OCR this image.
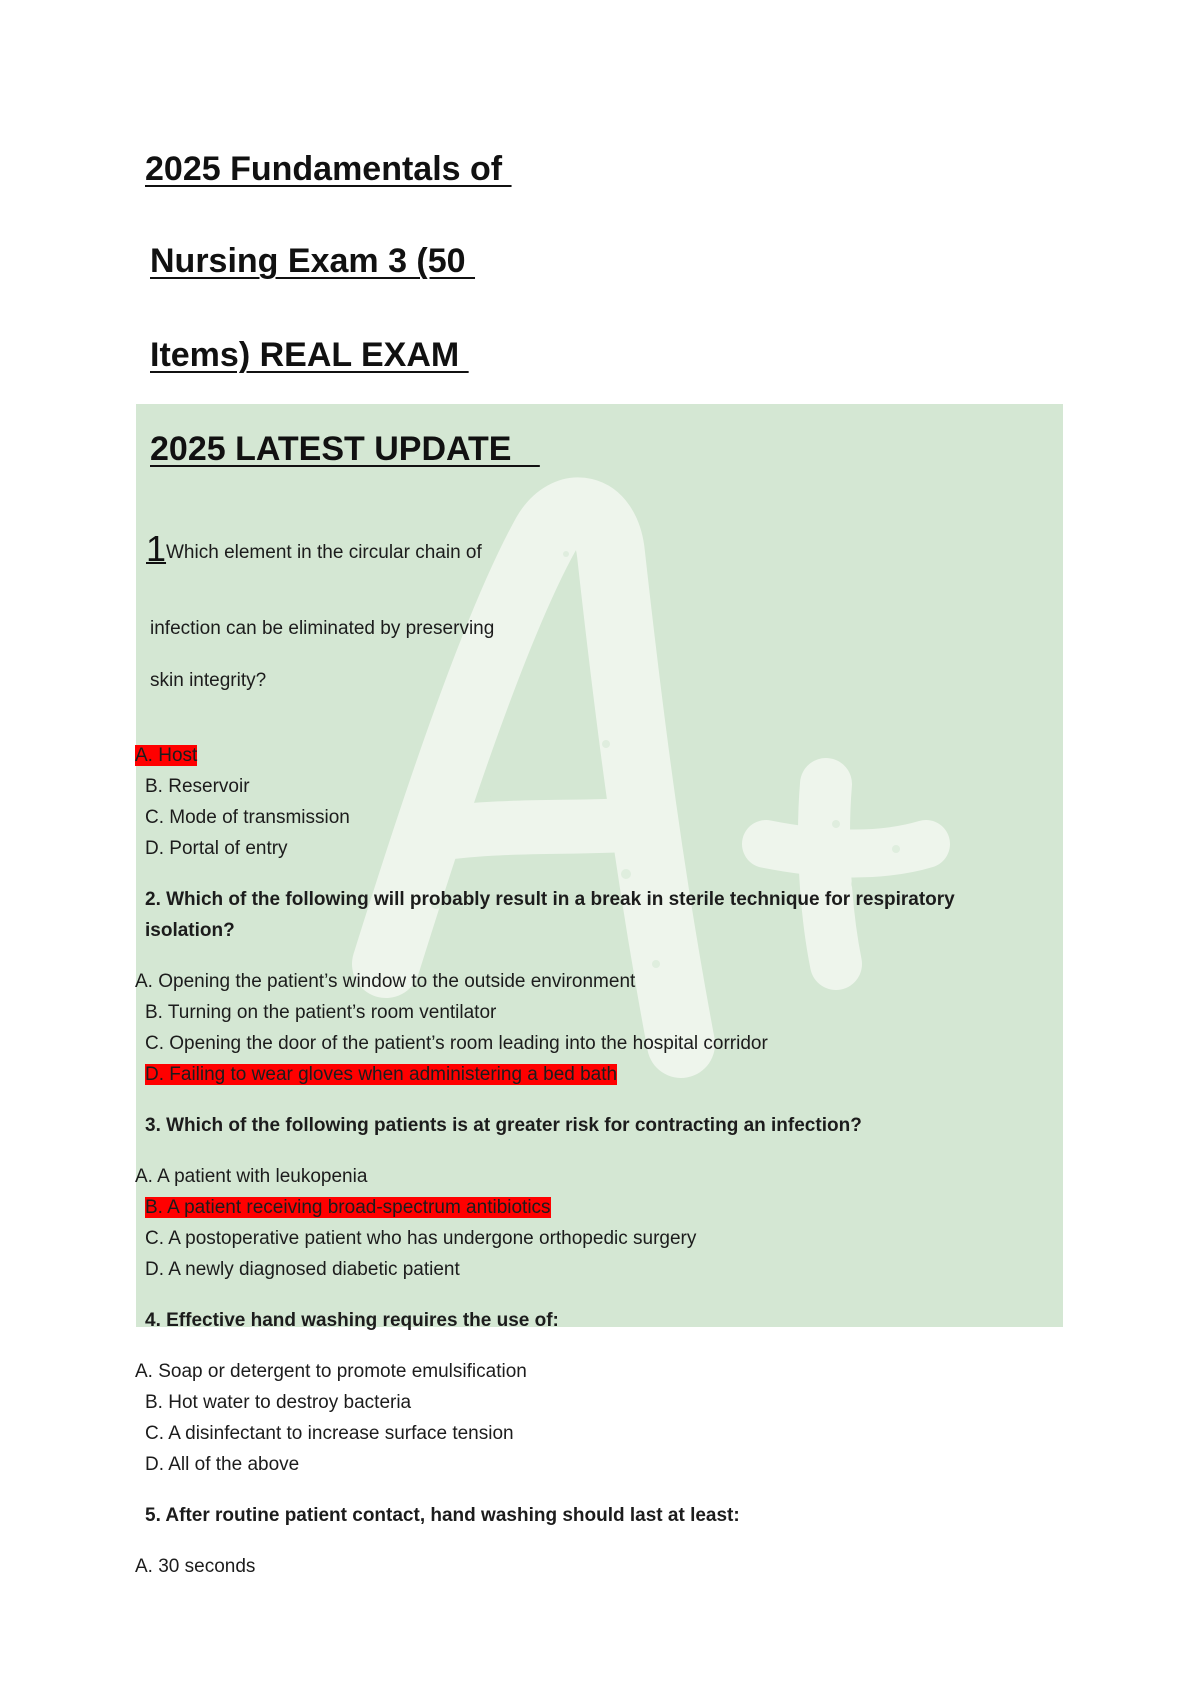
2025 Fundamentals of
Nursing Exam 3 (50
Items) REAL EXAM
2025 LATEST UPDATE
1 Which element in the circular chain of

infection can be eliminated by preserving

skin integrity?

A. Host

B. Reservoir

C. Mode of transmission

D. Portal of entry

2. Which of the following will probably result in a break in sterile technique for respiratory

isolation?

A. Opening the patient’s window to the outside environment

B. Turning on the patient’s room ventilator

C. Opening the door of the patient’s room leading into the hospital corridor

D. Failing to wear gloves when administering a bed bath

3. Which of the following patients is at greater risk for contracting an infection?

A. A patient with leukopenia

B. A patient receiving broad-spectrum antibiotics

C. A postoperative patient who has undergone orthopedic surgery

D. A newly diagnosed diabetic patient

4. Effective hand washing requires the use of:

A. Soap or detergent to promote emulsification

B. Hot water to destroy bacteria

C. A disinfectant to increase surface tension

D. All of the above

5. After routine patient contact, hand washing should last at least:

A. 30 seconds
